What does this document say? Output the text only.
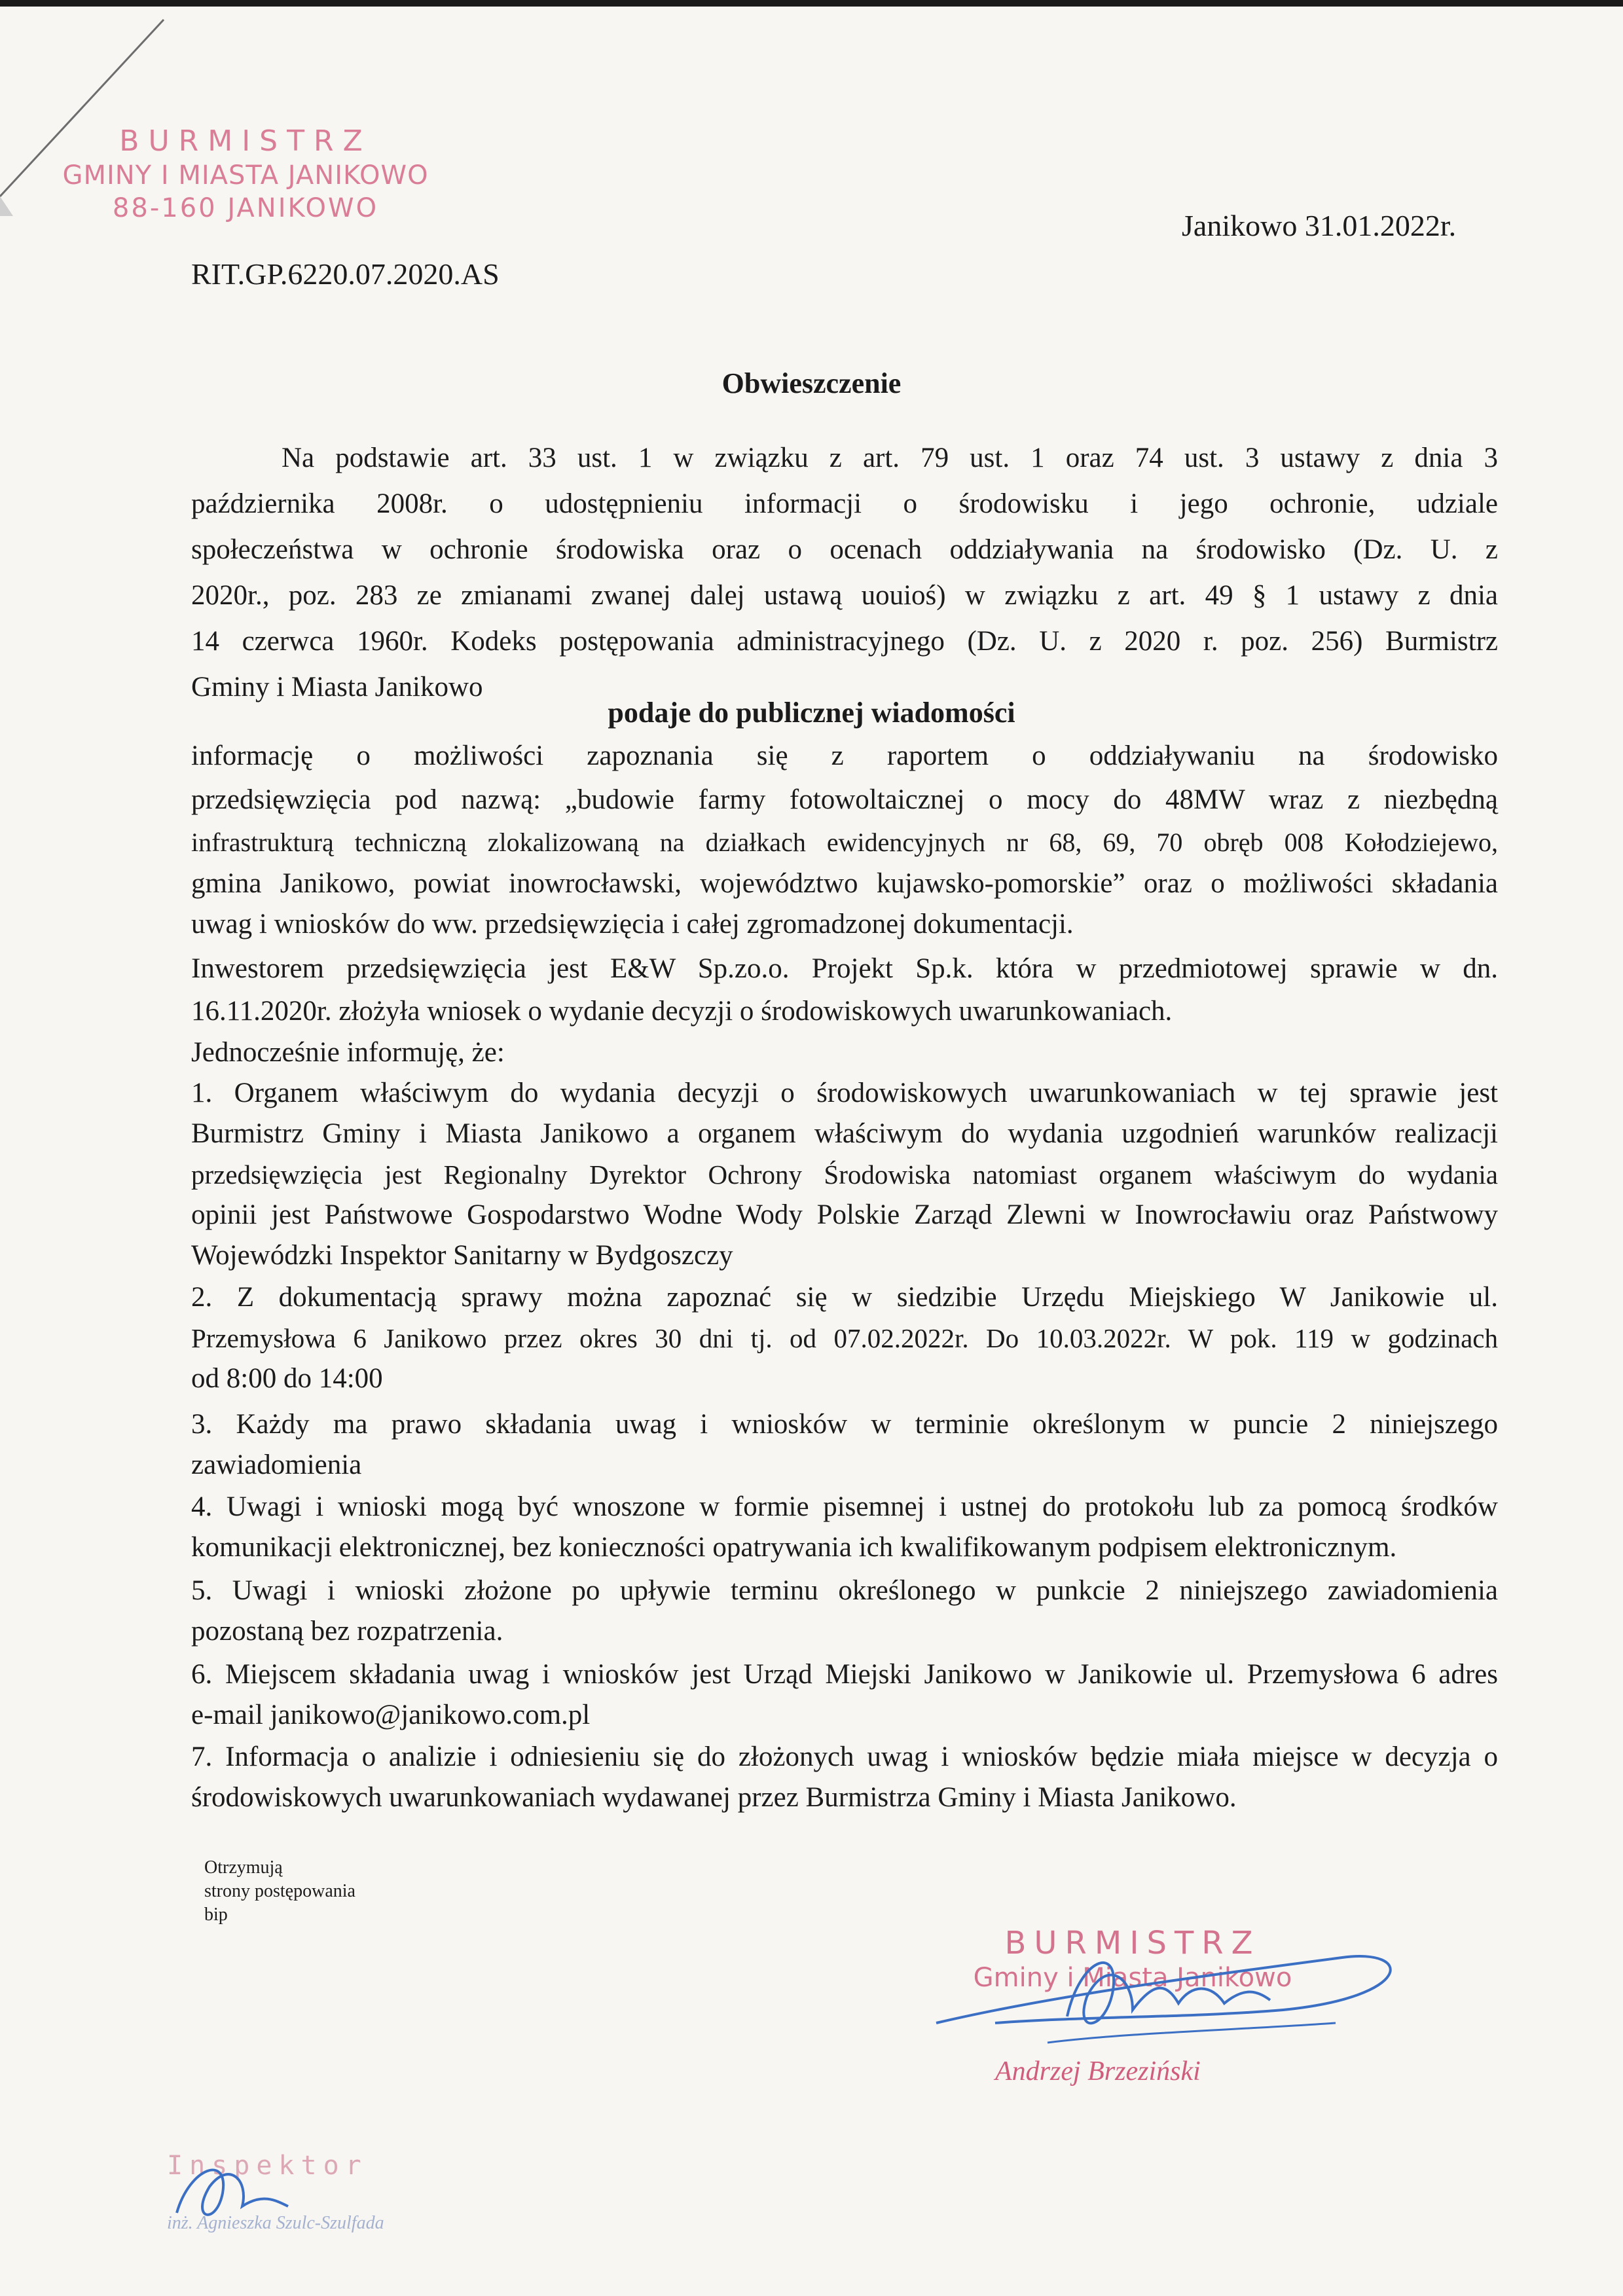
BURMISTRZ
GMINY I MIASTA JANIKOWO
88-160 JANIKOWO
Janikowo 31.01.2022r.
RIT.GP.6220.07.2020.AS
Obwieszczenie
Na podstawie art. 33 ust. 1 w związku z art. 79 ust. 1 oraz 74 ust. 3 ustawy z dnia 3
października 2008r. o udostępnieniu informacji o środowisku i jego ochronie, udziale
społeczeństwa w ochronie środowiska oraz o ocenach oddziaływania na środowisko (Dz. U. z
2020r., poz. 283 ze zmianami zwanej dalej ustawą uouioś) w związku z art. 49 § 1 ustawy z dnia
14 czerwca 1960r. Kodeks postępowania administracyjnego (Dz. U. z 2020 r. poz. 256) Burmistrz
Gminy i Miasta Janikowo
podaje do publicznej wiadomości
informację o możliwości zapoznania się z raportem o oddziaływaniu na środowisko
przedsięwzięcia pod nazwą: „budowie farmy fotowoltaicznej o mocy do 48MW wraz z niezbędną
infrastrukturą techniczną zlokalizowaną na działkach ewidencyjnych nr 68, 69, 70 obręb 008 Kołodziejewo,
gmina Janikowo, powiat inowrocławski, województwo kujawsko-pomorskie” oraz o możliwości składania
uwag i wniosków do ww. przedsięwzięcia i całej zgromadzonej dokumentacji.
Inwestorem przedsięwzięcia jest E&W Sp.zo.o. Projekt Sp.k. która w przedmiotowej sprawie w dn.
16.11.2020r. złożyła wniosek o wydanie decyzji o środowiskowych uwarunkowaniach.
Jednocześnie informuję, że:
1. Organem właściwym do wydania decyzji o środowiskowych uwarunkowaniach w tej sprawie jest
Burmistrz Gminy i Miasta Janikowo a organem właściwym do wydania uzgodnień warunków realizacji
przedsięwzięcia jest Regionalny Dyrektor Ochrony Środowiska natomiast organem właściwym do wydania
opinii jest Państwowe Gospodarstwo Wodne Wody Polskie Zarząd Zlewni w Inowrocławiu oraz Państwowy
Wojewódzki Inspektor Sanitarny w Bydgoszczy
2. Z dokumentacją sprawy można zapoznać się w siedzibie Urzędu Miejskiego W Janikowie ul.
Przemysłowa 6 Janikowo przez okres 30 dni tj. od 07.02.2022r. Do 10.03.2022r. W pok. 119 w godzinach
od 8:00 do 14:00
3. Każdy ma prawo składania uwag i wniosków w terminie określonym w puncie 2 niniejszego
zawiadomienia
4. Uwagi i wnioski mogą być wnoszone w formie pisemnej i ustnej do protokołu lub za pomocą środków
komunikacji elektronicznej, bez konieczności opatrywania ich kwalifikowanym podpisem elektronicznym.
5. Uwagi i wnioski złożone po upływie terminu określonego w punkcie 2 niniejszego zawiadomienia
pozostaną bez rozpatrzenia.
6. Miejscem składania uwag i wniosków jest Urząd Miejski Janikowo w Janikowie ul. Przemysłowa 6 adres
e-mail janikowo@janikowo.com.pl
7. Informacja o analizie i odniesieniu się do złożonych uwag i wniosków będzie miała miejsce w decyzja o
środowiskowych uwarunkowaniach wydawanej przez Burmistrza Gminy i Miasta Janikowo.
Otrzymują
strony postępowania
bip
BURMISTRZ
Gminy i Miasta Janikowo
Andrzej Brzeziński
Inspektor
inż. Agnieszka Szulc-Szulfada
